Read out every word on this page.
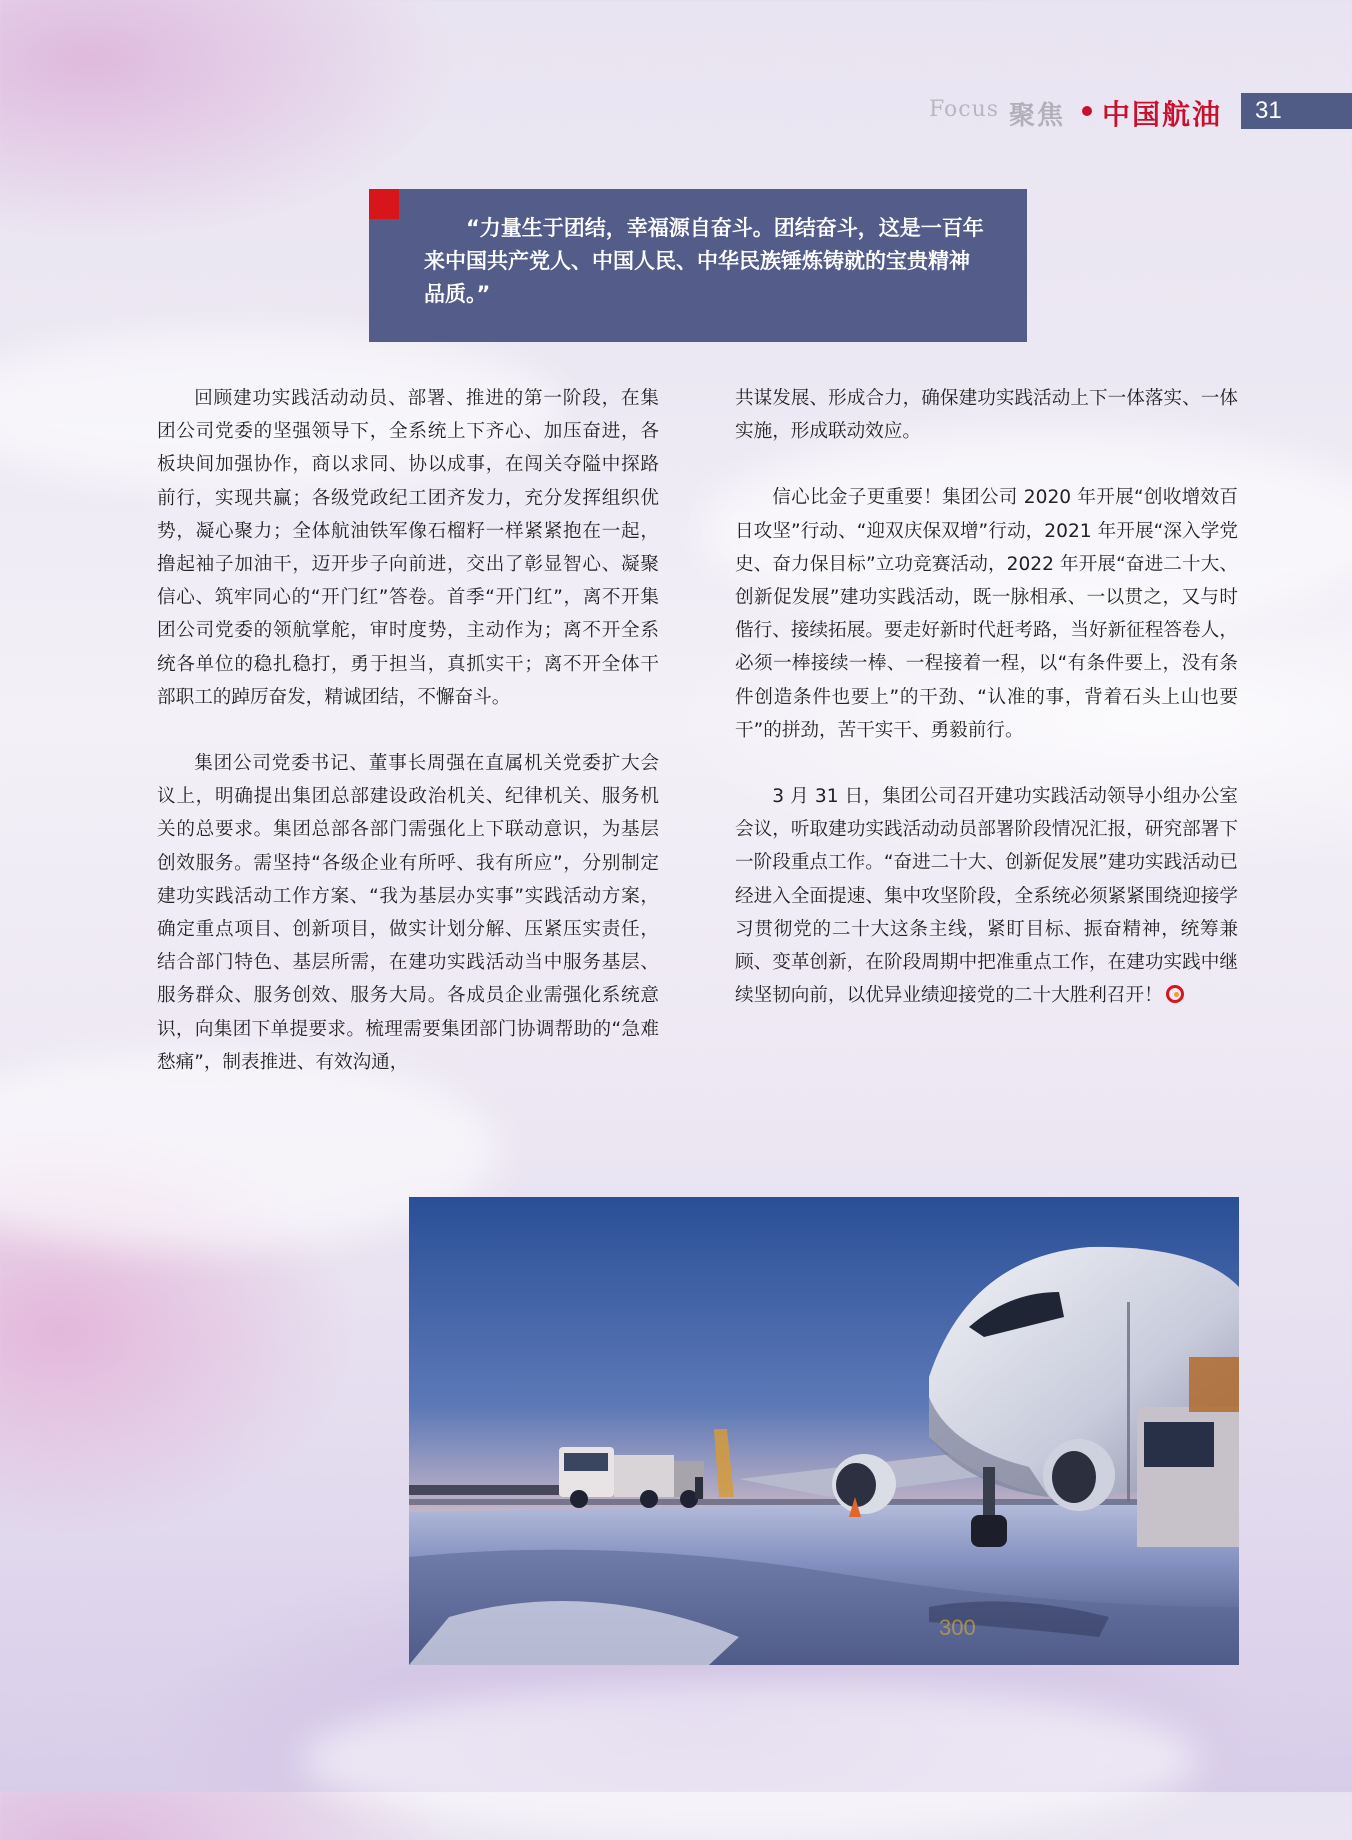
Focus 聚焦 中国航油 31
“力量生于团结，幸福源自奋斗。团结奋斗，这是一百年来中国共产党人、中国人民、中华民族锤炼铸就的宝贵精神品质。”

回顾建功实践活动动员、部署、推进的第一阶段，在集团公司党委的坚强领导下，全系统上下齐心、加压奋进，各板块间加强协作，商以求同、协以成事，在闯关夺隘中探路前行，实现共赢；各级党政纪工团齐发力，充分发挥组织优势，凝心聚力；全体航油铁军像石榴籽一样紧紧抱在一起，撸起袖子加油干，迈开步子向前进，交出了彰显智心、凝聚信心、筑牢同心的“开门红”答卷。首季“开门红”，离不开集团公司党委的领航掌舵，审时度势，主动作为；离不开全系统各单位的稳扎稳打，勇于担当，真抓实干；离不开全体干部职工的踔厉奋发，精诚团结，不懈奋斗。

集团公司党委书记、董事长周强在直属机关党委扩大会议上，明确提出集团总部建设政治机关、纪律机关、服务机关的总要求。集团总部各部门需强化上下联动意识，为基层创效服务。需坚持“各级企业有所呼、我有所应”，分别制定建功实践活动工作方案、“我为基层办实事”实践活动方案，确定重点项目、创新项目，做实计划分解、压紧压实责任，结合部门特色、基层所需，在建功实践活动当中服务基层、服务群众、服务创效、服务大局。各成员企业需强化系统意识，向集团下单提要求。梳理需要集团部门协调帮助的“急难愁痛”，制表推进、有效沟通，

共谋发展、形成合力，确保建功实践活动上下一体落实、一体实施，形成联动效应。

信心比金子更重要！集团公司 2020 年开展“创收增效百日攻坚”行动、“迎双庆保双增”行动，2021 年开展“深入学党史、奋力保目标”立功竞赛活动，2022 年开展“奋进二十大、创新促发展”建功实践活动，既一脉相承、一以贯之，又与时偕行、接续拓展。要走好新时代赶考路，当好新征程答卷人，必须一棒接续一棒、一程接着一程，以“有条件要上，没有条件创造条件也要上”的干劲、“认准的事，背着石头上山也要干”的拼劲，苦干实干、勇毅前行。

3 月 31 日，集团公司召开建功实践活动领导小组办公室会议，听取建功实践活动动员部署阶段情况汇报，研究部署下一阶段重点工作。“奋进二十大、创新促发展”建功实践活动已经进入全面提速、集中攻坚阶段，全系统必须紧紧围绕迎接学习贯彻党的二十大这条主线，紧盯目标、振奋精神，统筹兼顾、变革创新，在阶段周期中把准重点工作，在建功实践中继续坚韧向前，以优异业绩迎接党的二十大胜利召开！

300
